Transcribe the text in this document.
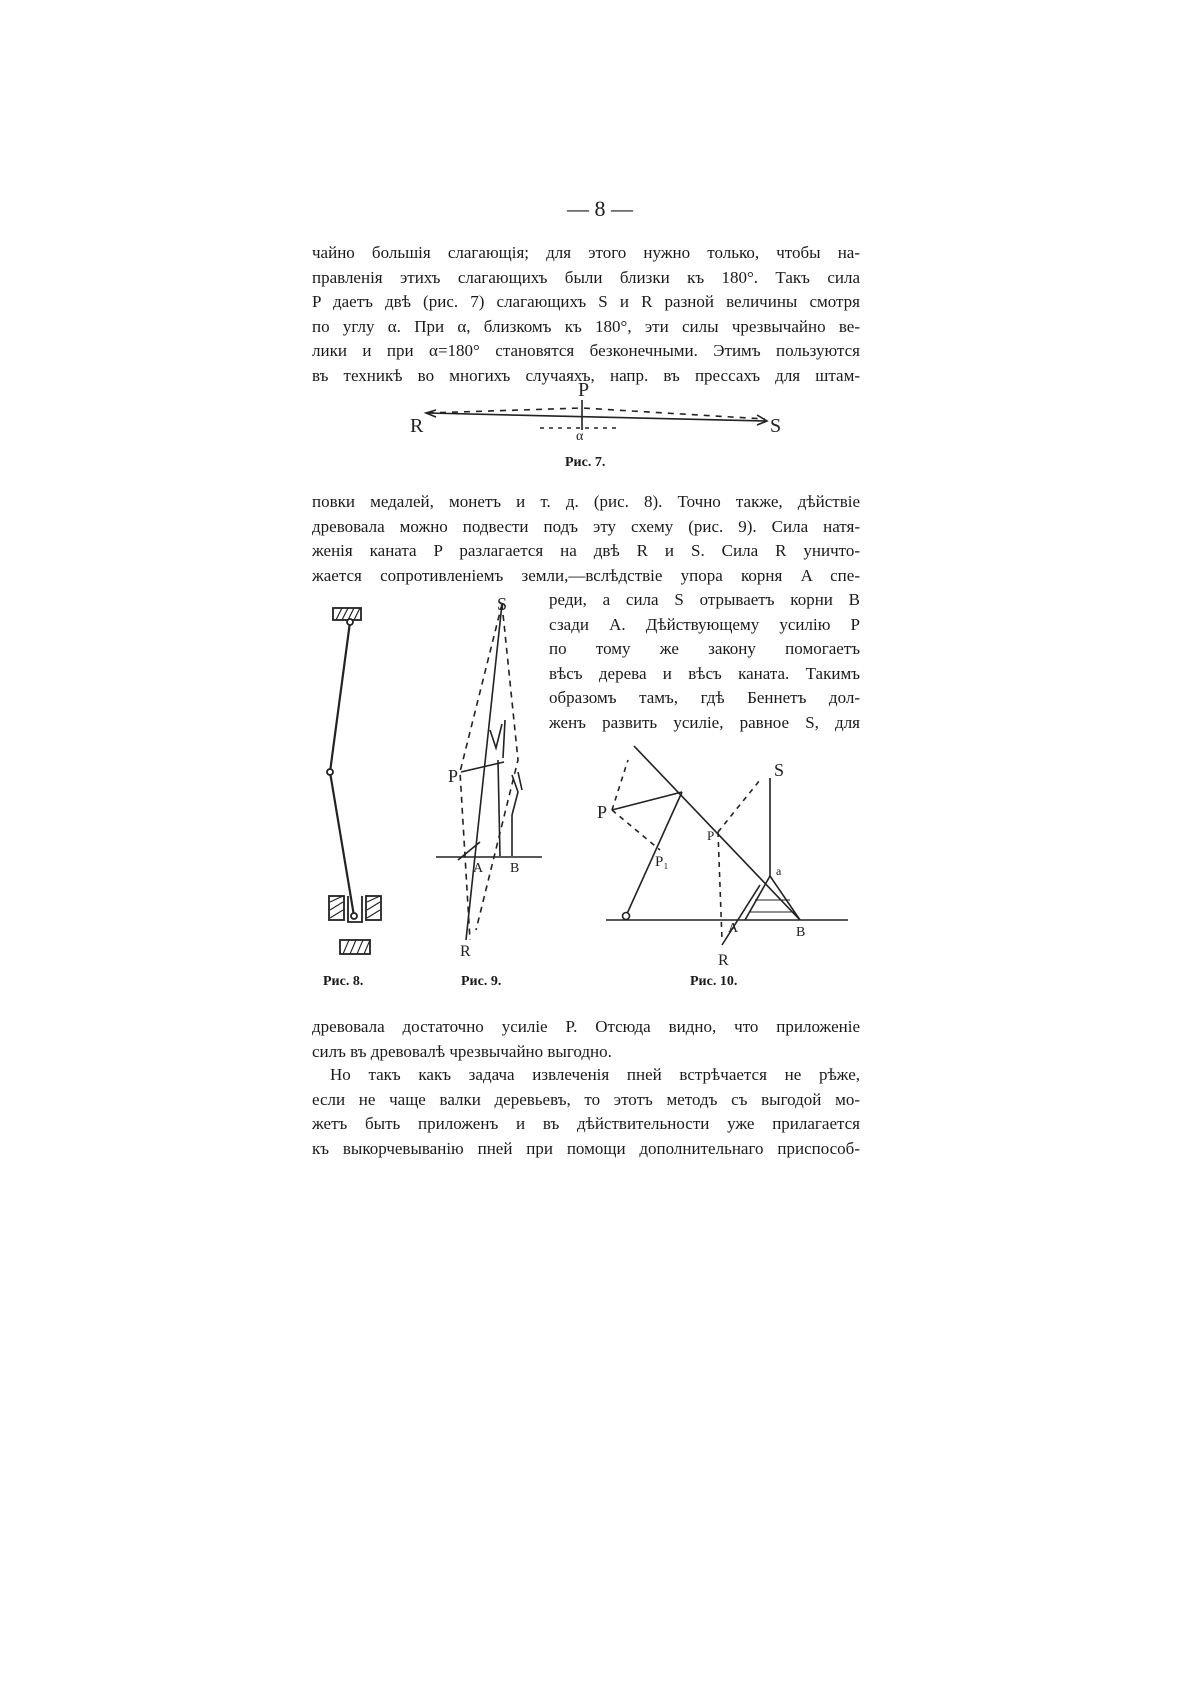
— 8 —
чайно большія слагающія; для этого нужно только, чтобы на-
правленія этихъ слагающихъ были близки къ 180°. Такъ сила
P даетъ двѣ (рис. 7) слагающихъ S и R разной величины смотря
по углу α. При α, близкомъ къ 180°, эти силы чрезвычайно ве-
лики и при α=180° становятся безконечными. Этимъ пользуются
въ техникѣ во многихъ случаяхъ, напр. въ прессахъ для штам-
повки медалей, монетъ и т. д. (рис. 8). Точно также, дѣйствіе
древовала можно подвести подъ эту схему (рис. 9). Сила натя-
женія каната P разлагается на двѣ R и S. Сила R уничто-
жается сопротивленіемъ земли,—вслѣдствіе упора корня A спе-
реди, а сила S отрываетъ корни B
сзади A. Дѣйствующему усилію P
по тому же закону помогаетъ
вѣсъ дерева и вѣсъ каната. Такимъ
образомъ тамъ, гдѣ Беннетъ дол-
женъ развить усиліе, равное S, для
древовала достаточно усиліе P. Отсюда видно, что приложеніе
силъ въ древовалѣ чрезвычайно выгодно.
Но такъ какъ задача извлеченія пней встрѣчается не рѣже,
если не чаще валки деревьевъ, то этотъ методъ съ выгодой мо-
жетъ быть приложенъ и въ дѣйствительности уже прилагается
къ выкорчевыванію пней при помощи дополнительнаго приспособ-
Рис. 7.
Рис. 8.	Рис. 9.	Рис. 10.
P
R	S
α
S
P
A B
R
P
P₁
P
S
a
A	B
R
